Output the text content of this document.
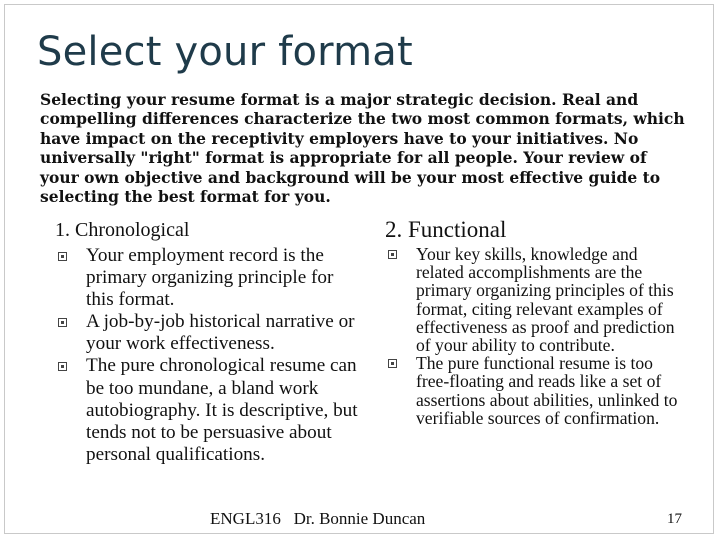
Select your format
Selecting your resume format is a major strategic decision. Real and compelling differences characterize the two most common formats, which have impact on the receptivity employers have to your initiatives. No universally "right" format is appropriate for all people. Your review of your own objective and background will be your most effective guide to selecting the best format for you.
1. Chronological
Your employment record is the primary organizing principle for this format.
A job-by-job historical narrative or your work effectiveness.
The pure chronological resume can be too mundane, a bland work autobiography. It is descriptive, but tends not to be persuasive about personal qualifications.
2. Functional
Your key skills, knowledge and related accomplishments are the primary organizing principles of this format, citing relevant examples of effectiveness as proof and prediction of your ability to contribute.
The pure functional resume is too free-floating and reads like a set of assertions about abilities, unlinked to verifiable sources of confirmation.
ENGL316   Dr. Bonnie Duncan	17
